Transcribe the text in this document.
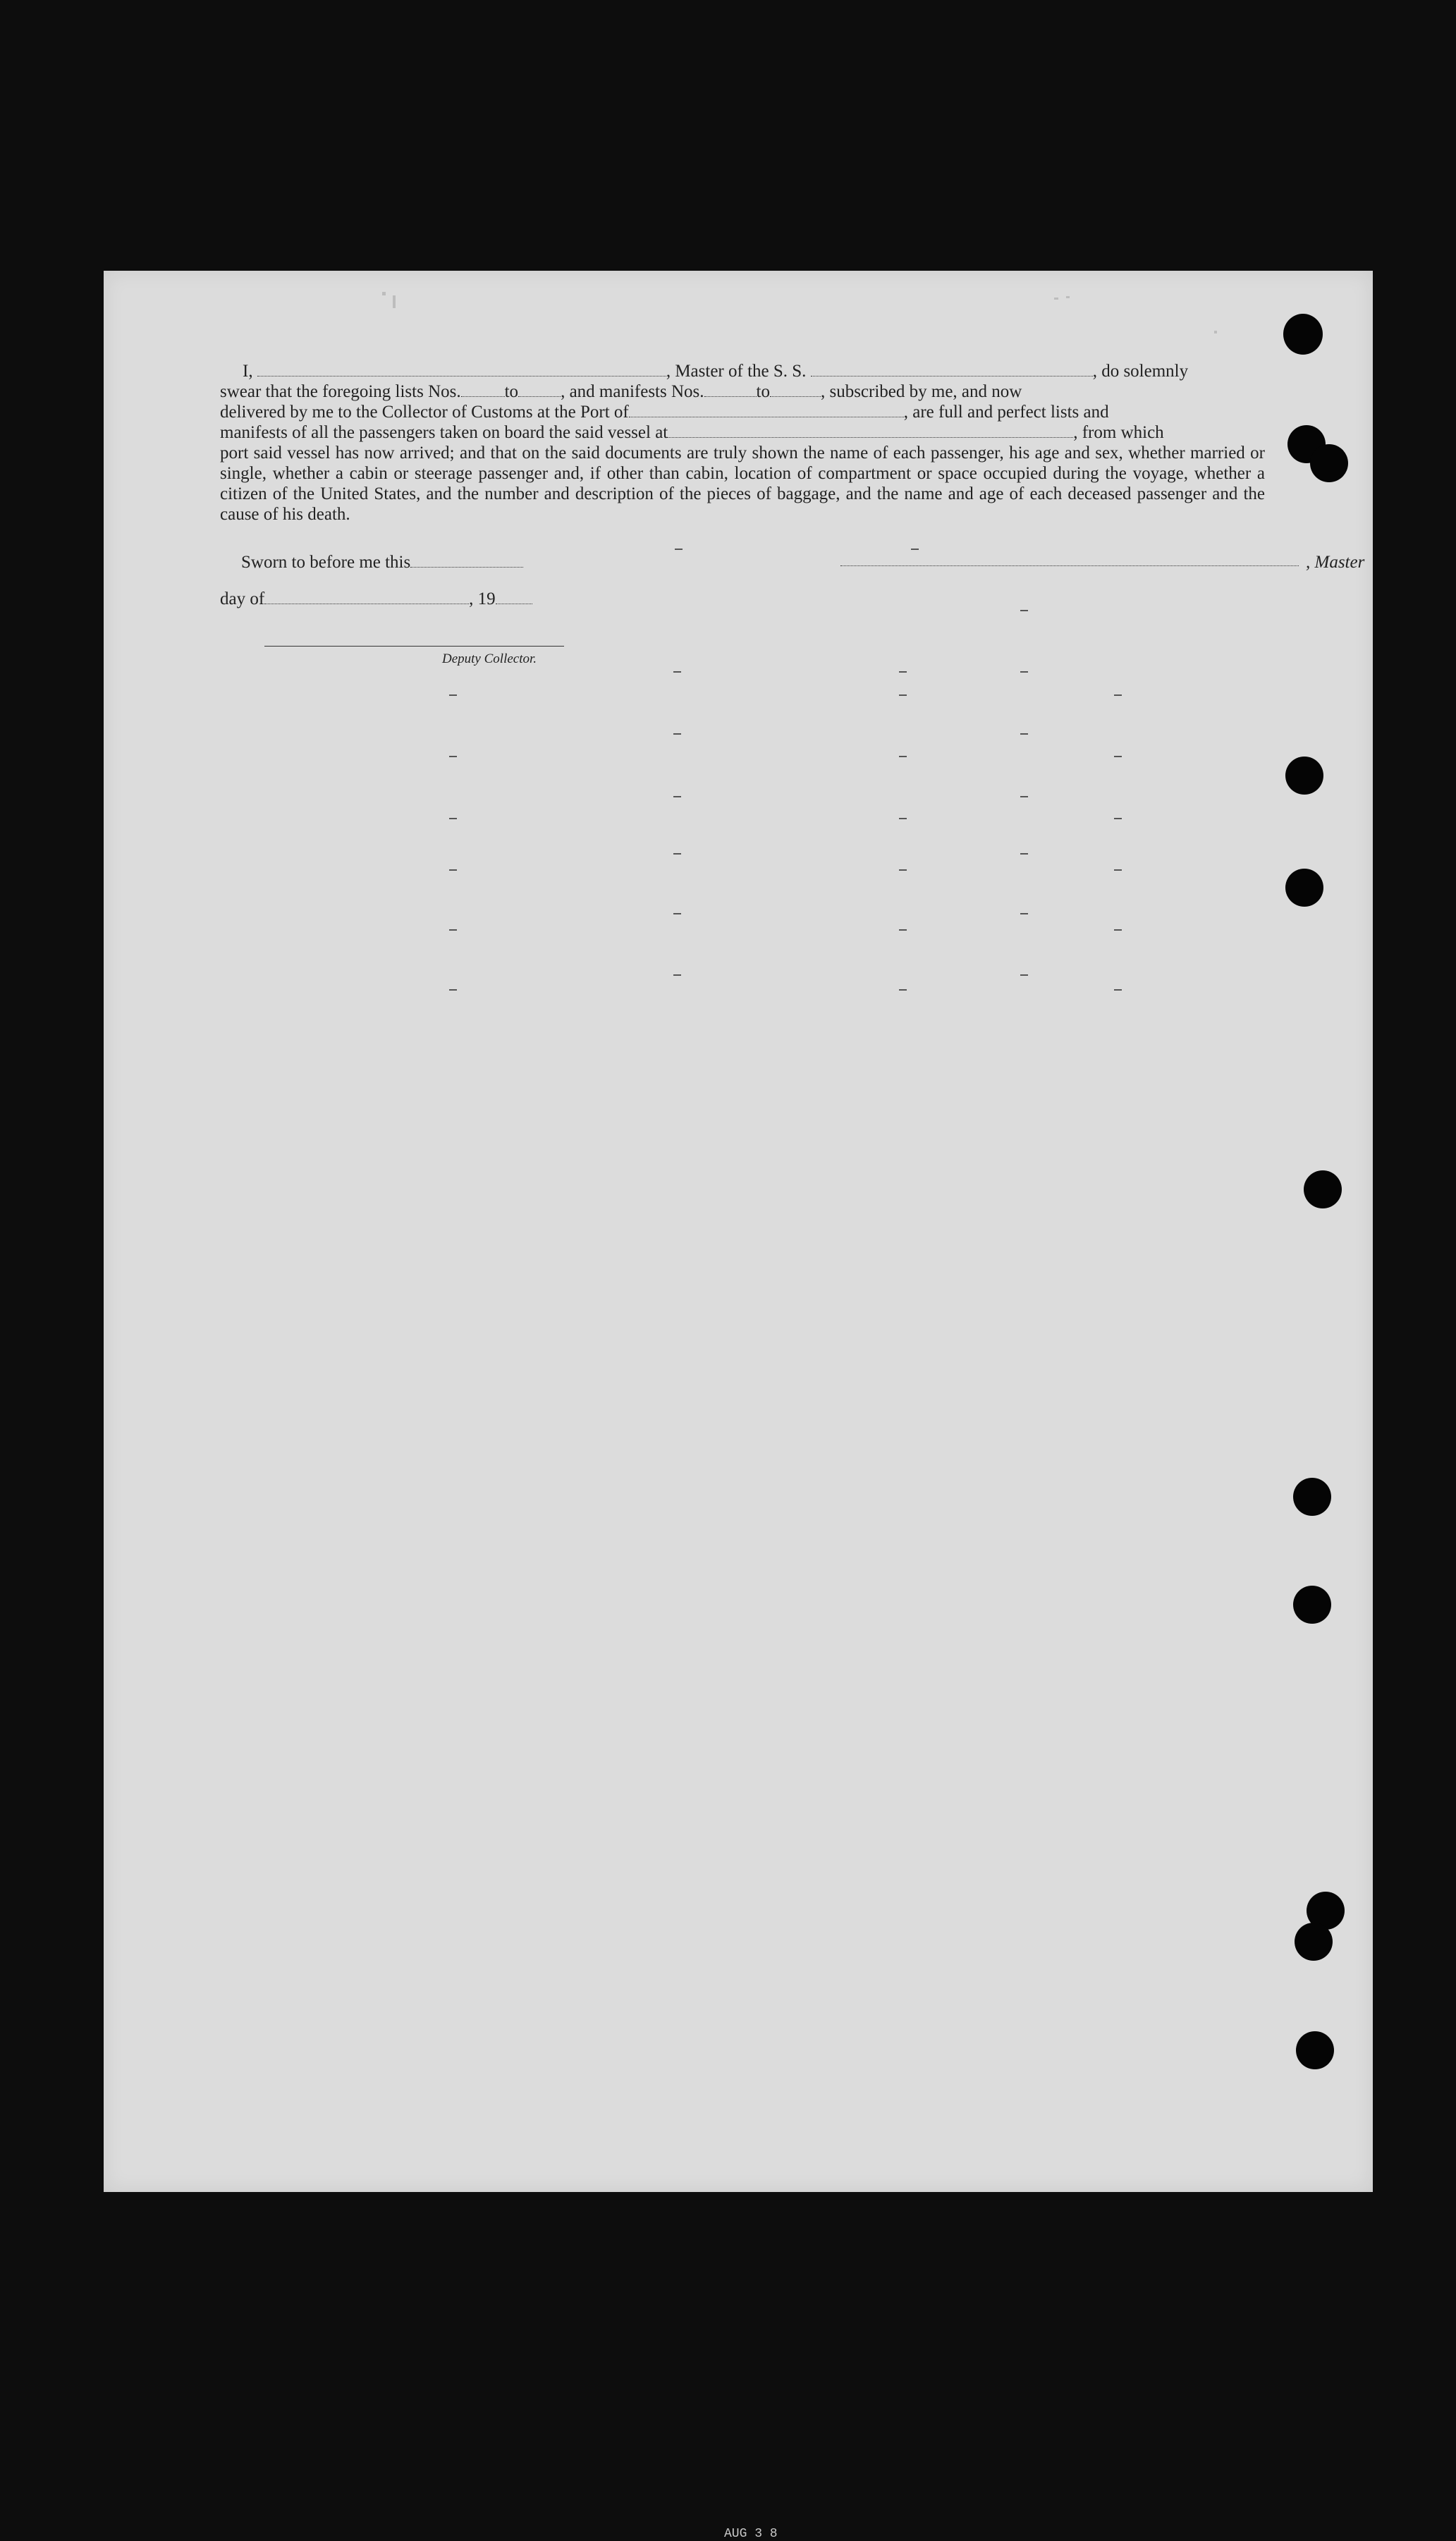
I,	, Master of the S. S.	, do solemnly

swear that the foregoing lists Nos. to , and manifests Nos.	to	, subscribed by me, and now

delivered by me to the Collector of Customs at the Port of	, are full and perfect lists and

manifests of all the passengers taken on board the said vessel at	, from which

port said vessel has now arrived; and that on the said documents are truly shown the name of each passenger, his age and sex, whether married or single, whether a cabin or steerage passenger and, if other than cabin, location of compartment or space occupied during the voyage, whether a citizen of the United States, and the number and description of the pieces of baggage, and the name and age of each deceased passenger and the cause of his death.

Sworn to before me this	, Master
day of	, 19
Deputy Collector.
AUG 3 8
